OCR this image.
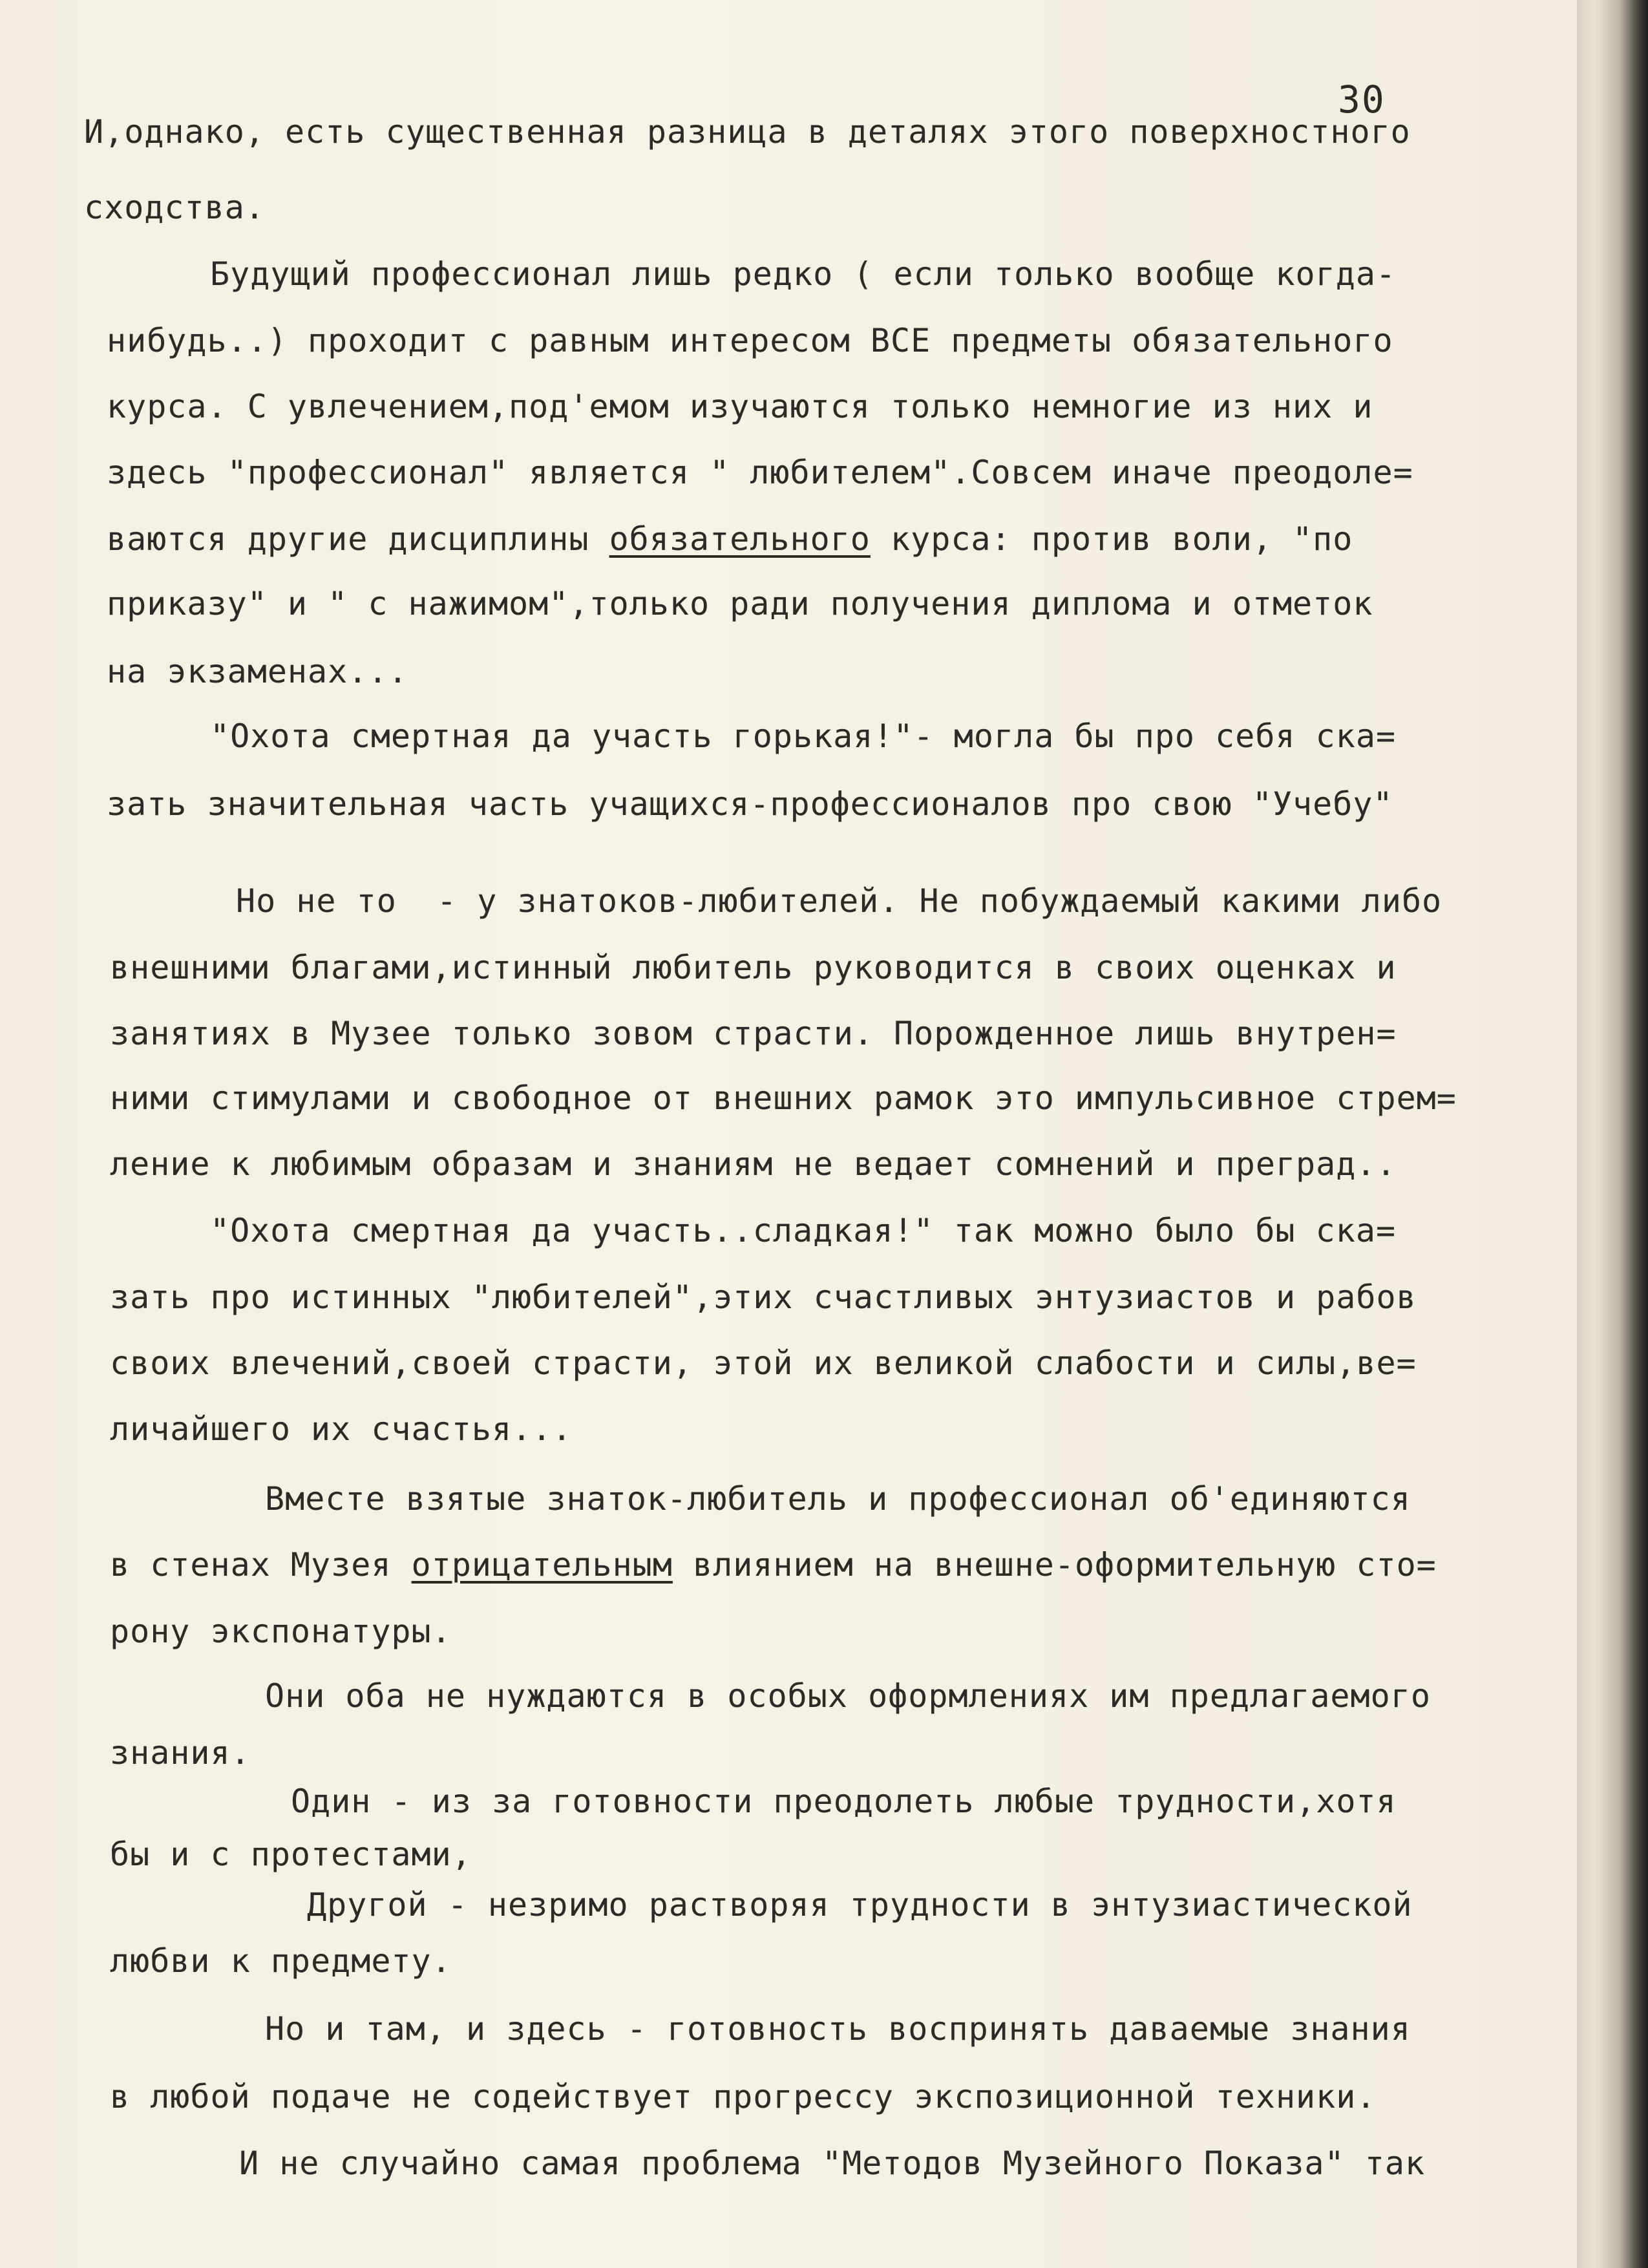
30
И,однако, есть существенная разница в деталях этого поверхностного
сходства.
Будущий профессионал лишь редко ( если только вообще когда-
нибудь..) проходит с равным интересом ВСЕ предметы обязательного
курса. С увлечением,под'емом изучаются только немногие из них и
здесь "профессионал" является " любителем".Совсем иначе преодоле=
ваются другие дисциплины обязательного курса: против воли, "по
приказу" и " с нажимом",только ради получения диплома и отметок
на экзаменах...
"Охота смертная да участь горькая!"- могла бы про себя ска=
зать значительная часть учащихся-профессионалов про свою "Учебу"
Но не то  - у знатоков-любителей. Не побуждаемый какими либо
внешними благами,истинный любитель руководится в своих оценках и
занятиях в Музее только зовом страсти. Порожденное лишь внутрен=
ними стимулами и свободное от внешних рамок это импульсивное стрем=
ление к любимым образам и знаниям не ведает сомнений и преград..
"Охота смертная да участь..сладкая!" так можно было бы ска=
зать про истинных "любителей",этих счастливых энтузиастов и рабов
своих влечений,своей страсти, этой их великой слабости и силы,ве=
личайшего их счастья...
Вместе взятые знаток-любитель и профессионал об'единяются
в стенах Музея отрицательным влиянием на внешне-оформительную сто=
рону экспонатуры.
Они оба не нуждаются в особых оформлениях им предлагаемого
знания.
Один - из за готовности преодолеть любые трудности,хотя
бы и с протестами,
Другой - незримо растворяя трудности в энтузиастической
любви к предмету.
Но и там, и здесь - готовность воспринять даваемые знания
в любой подаче не содействует прогрессу экспозиционной техники.
И не случайно самая проблема "Методов Музейного Показа" так
